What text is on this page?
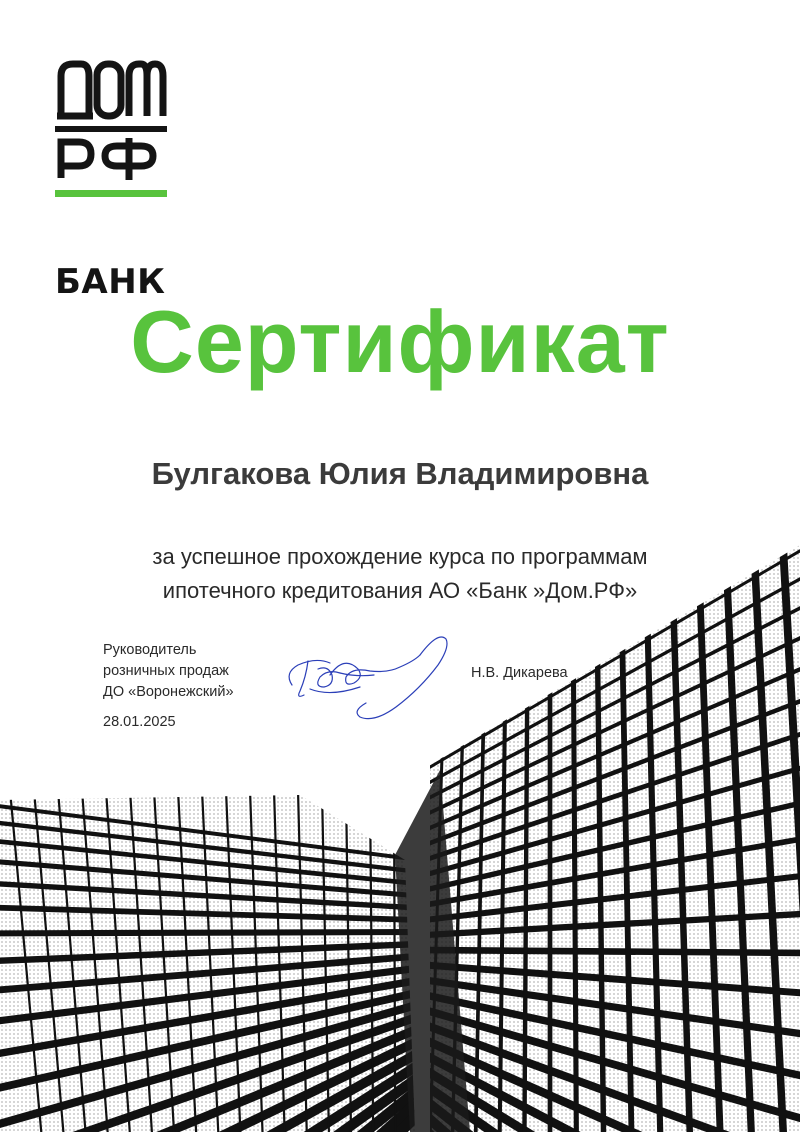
БАНК

Сертификат

Булгакова Юлия Владимировна

за успешное прохождение курса по программам
ипотечного кредитования АО «Банк »Дом.РФ»

Руководитель
розничных продаж
ДО «Воронежский»

28.01.2025

Н.В. Дикарева
